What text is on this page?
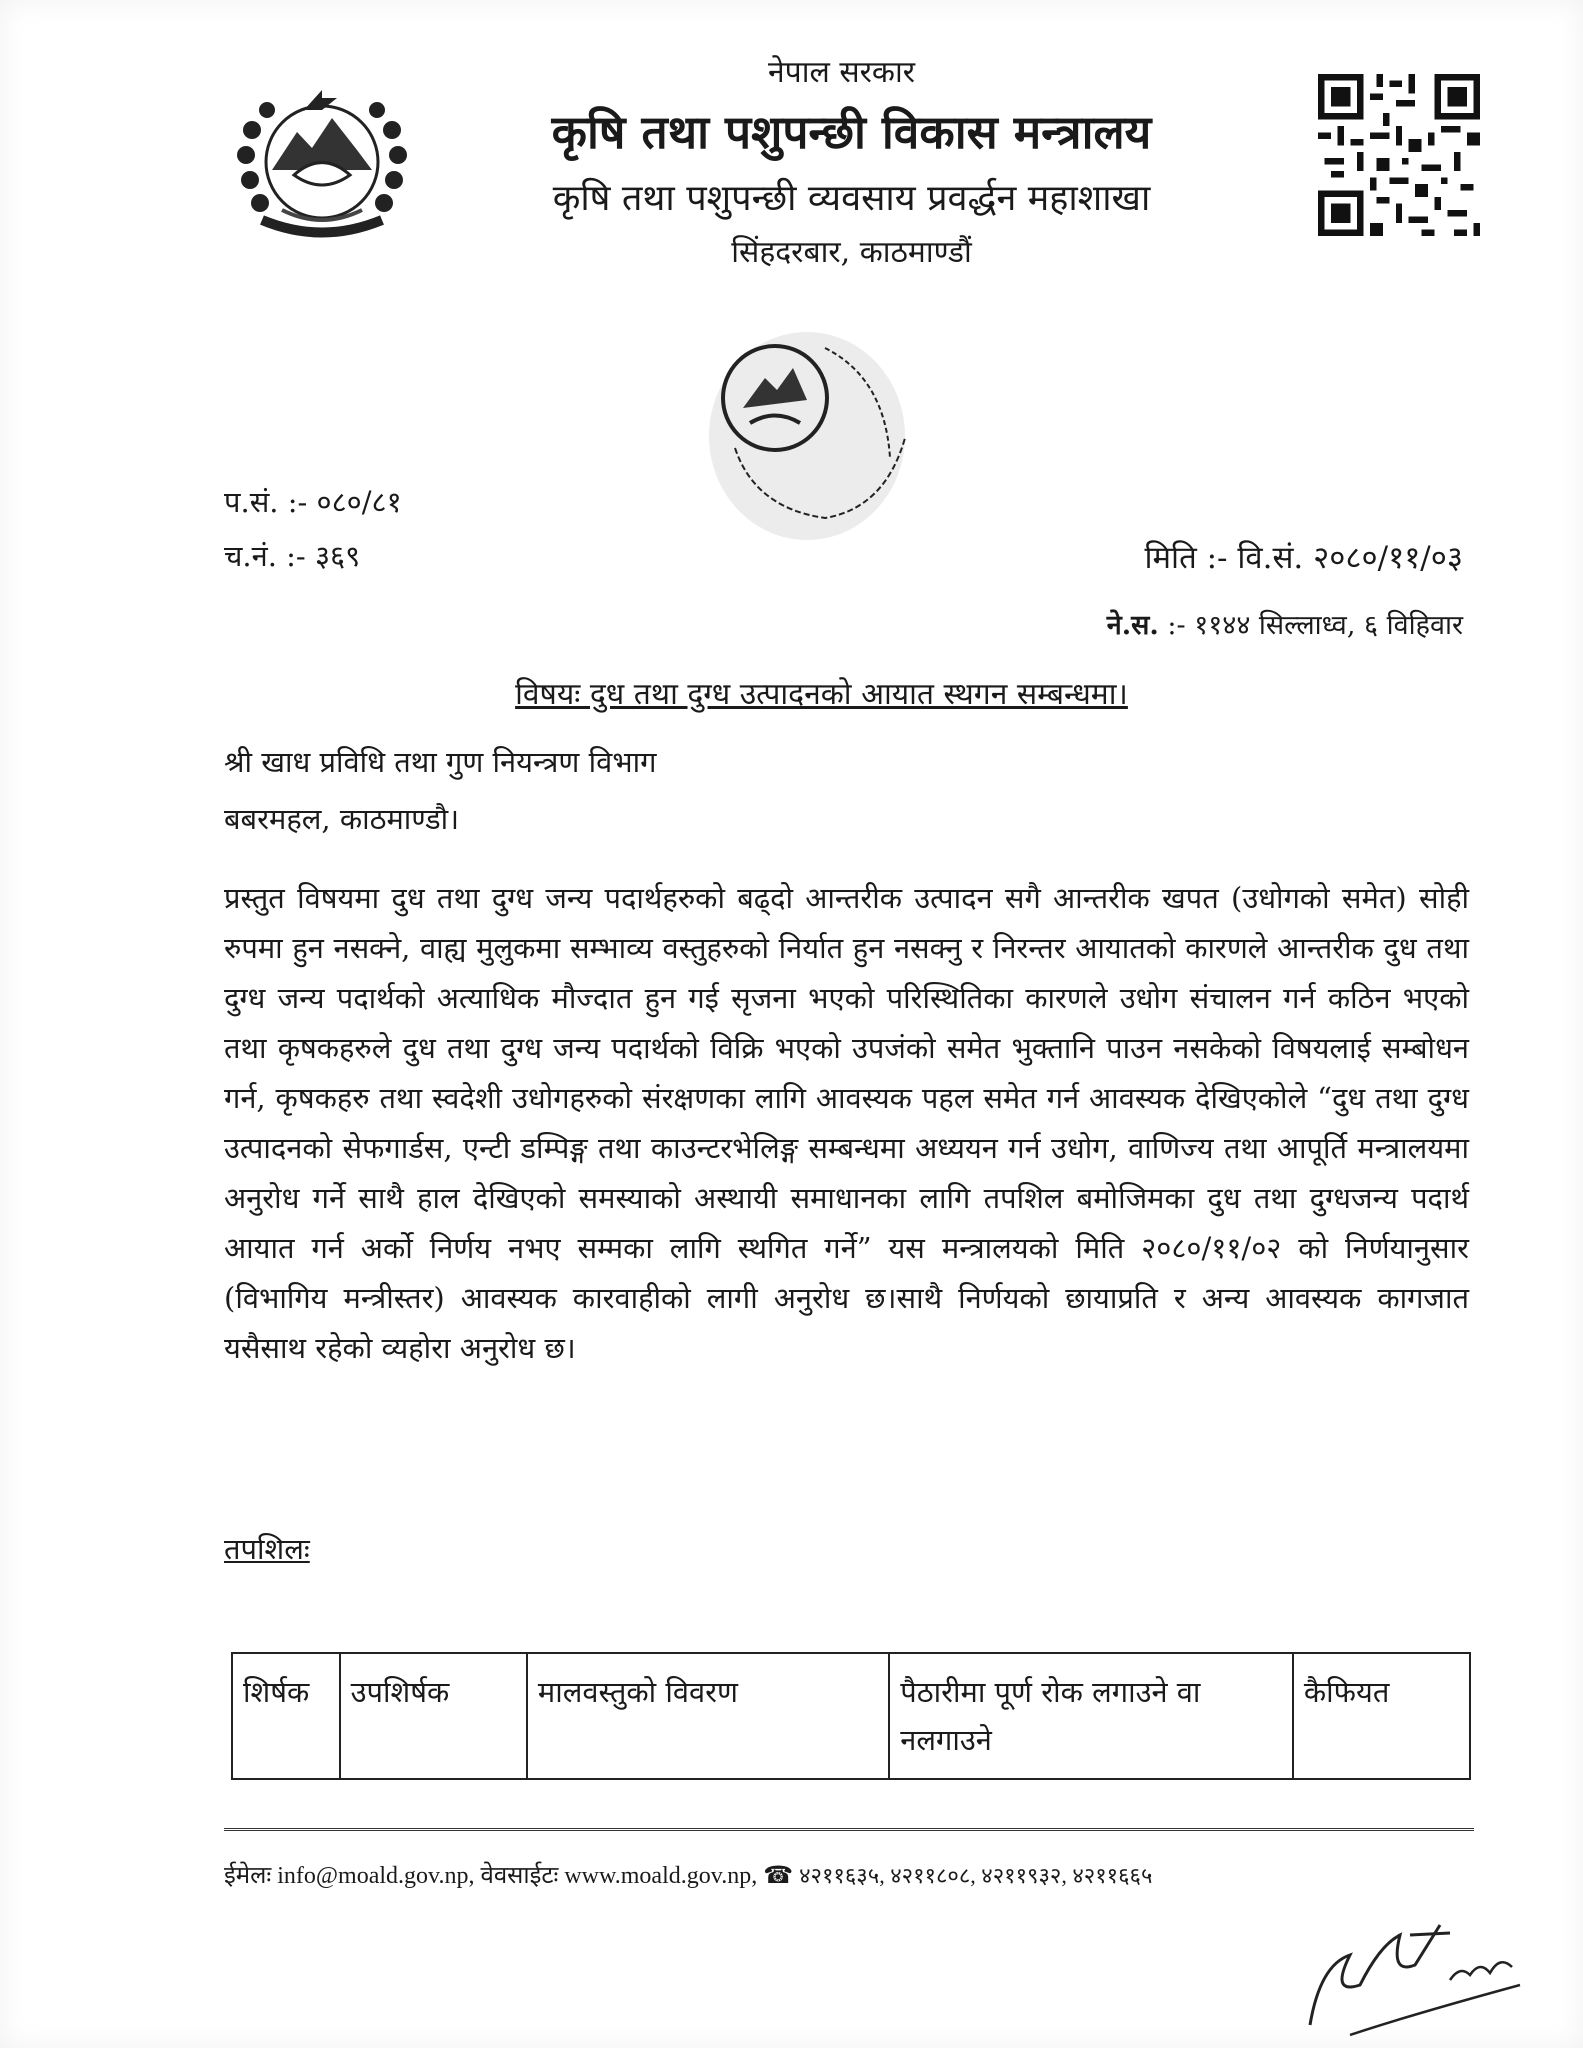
नेपाल सरकार
कृषि तथा पशुपन्छी विकास मन्त्रालय
कृषि तथा पशुपन्छी व्यवसाय प्रवर्द्धन महाशाखा
सिंहदरबार, काठमाण्डौं
प.सं. :- ०८०/८१
च.नं. :- ३६९	मिति :- वि.सं. २०८०/११/०३
ने.स. :- ११४४ सिल्लाध्व, ६ विहिवार
विषयः दुध तथा दुग्ध उत्पादनको आयात स्थगन सम्बन्धमा।
श्री खाध प्रविधि तथा गुण नियन्त्रण विभाग
बबरमहल, काठमाण्डौ।
प्रस्तुत विषयमा दुध तथा दुग्ध जन्य पदार्थहरुको बढ्दो आन्तरीक उत्पादन सगै आन्तरीक खपत (उधोगको समेत) सोही रुपमा हुन नसक्ने, वाह्य मुलुकमा सम्भाव्य वस्तुहरुको निर्यात हुन नसक्नु र निरन्तर आयातको कारणले आन्तरीक दुध तथा दुग्ध जन्य पदार्थको अत्याधिक मौज्दात हुन गई सृजना भएको परिस्थितिका कारणले उधोग संचालन गर्न कठिन भएको तथा कृषकहरुले दुध तथा दुग्ध जन्य पदार्थको विक्रि भएको उपजंको समेत भुक्तानि पाउन नसकेको विषयलाई सम्बोधन गर्न, कृषकहरु तथा स्वदेशी उधोगहरुको संरक्षणका लागि आवस्यक पहल समेत गर्न आवस्यक देखिएकोले “दुध तथा दुग्ध उत्पादनको सेफगार्डस, एन्टी डम्पिङ्ग तथा काउन्टरभेलिङ्ग सम्बन्धमा अध्ययन गर्न उधोग, वाणिज्य तथा आपूर्ति मन्त्रालयमा अनुरोध गर्ने साथै हाल देखिएको समस्याको अस्थायी समाधानका लागि तपशिल बमोजिमका दुध तथा दुग्धजन्य पदार्थ आयात गर्न अर्को निर्णय नभए सम्मका लागि स्थगित गर्ने” यस मन्त्रालयको मिति २०८०/११/०२ को निर्णयानुसार (विभागिय मन्त्रीस्तर) आवस्यक कारवाहीको लागी अनुरोध छ।साथै निर्णयको छायाप्रति र अन्य आवस्यक कागजात यसैसाथ रहेको व्यहोरा अनुरोध छ।
तपशिलः
शिर्षक	उपशिर्षक	मालवस्तुको विवरण	पैठारीमा पूर्ण रोक लगाउने वा नलगाउने	कैफियत
ईमेलः info@moald.gov.np, वेवसाईटः www.moald.gov.np, ☎ ४२११६३५, ४२११८०८, ४२११९३२, ४२११६६५
